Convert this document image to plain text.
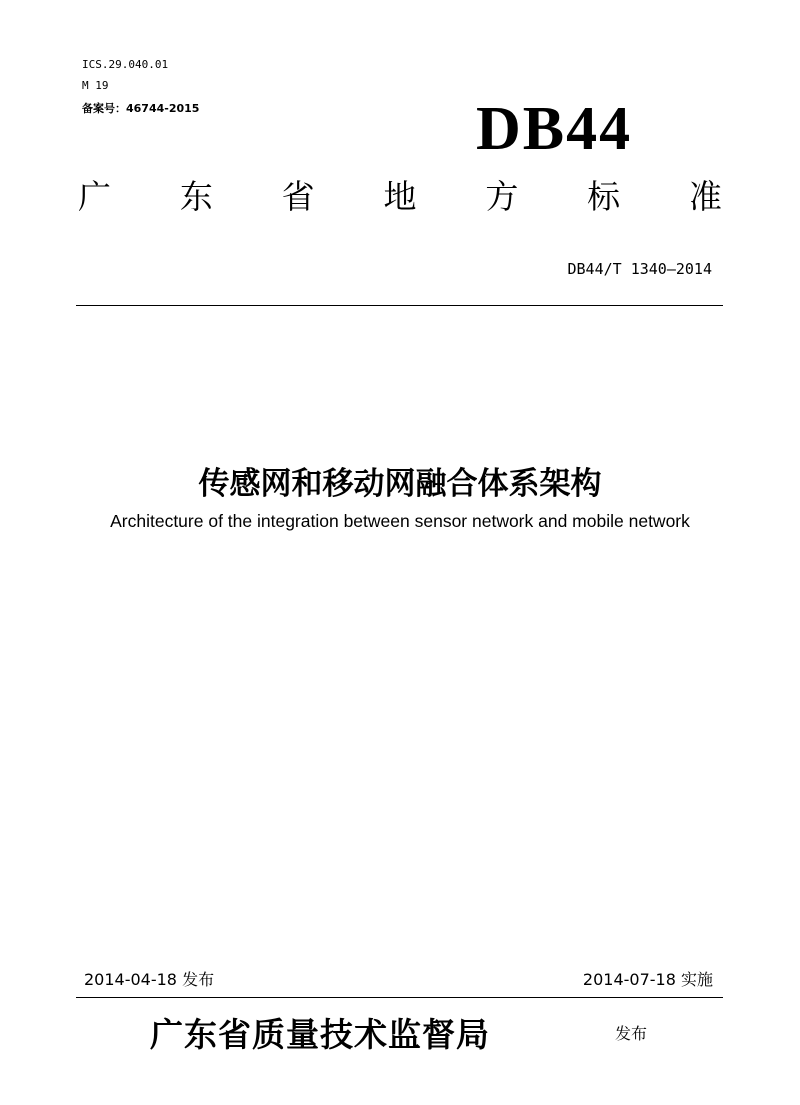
ICS.29.040.01
M 19
备案号：46744-2015	DB44
广 东 省 地 方 标 准
DB44/T 1340—2014
传感网和移动网融合体系架构
Architecture of the integration between sensor network and mobile network
2014-04-18 发布	2014-07-18 实施
广东省质量技术监督局	发布
